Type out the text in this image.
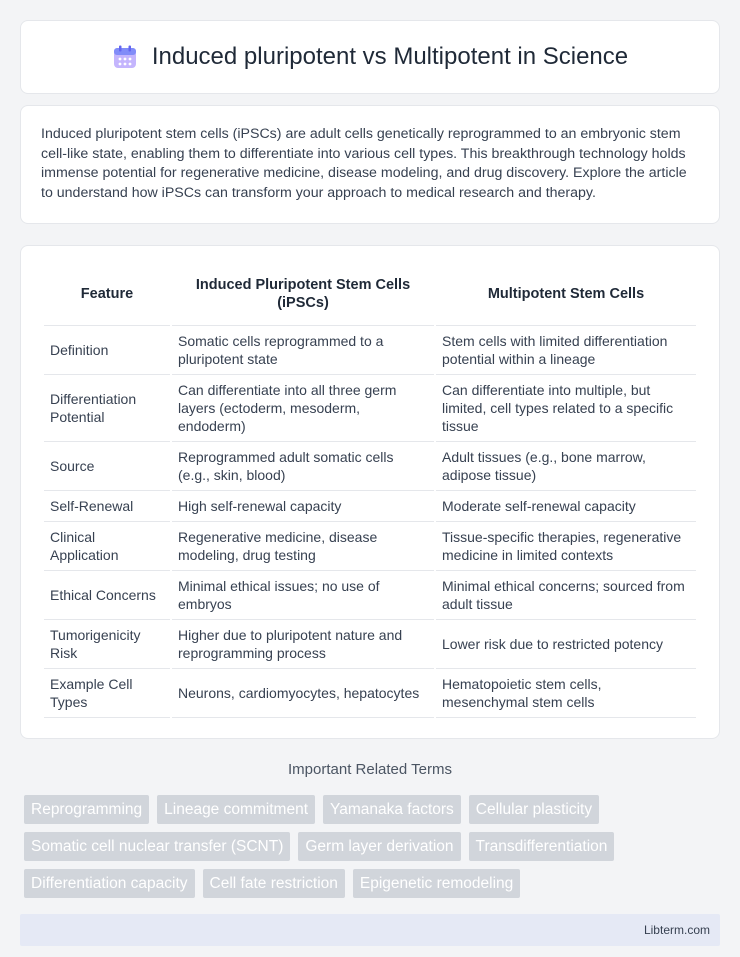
Induced pluripotent vs Multipotent in Science

Induced pluripotent stem cells (iPSCs) are adult cells genetically reprogrammed to an embryonic stem cell-like state, enabling them to differentiate into various cell types. This breakthrough technology holds immense potential for regenerative medicine, disease modeling, and drug discovery. Explore the article to understand how iPSCs can transform your approach to medical research and therapy.

Feature	Induced Pluripotent Stem Cells (iPSCs)	Multipotent Stem Cells
Definition	Somatic cells reprogrammed to a pluripotent state	Stem cells with limited differentiation potential within a lineage
Differentiation Potential	Can differentiate into all three germ layers (ectoderm, mesoderm, endoderm)	Can differentiate into multiple, but limited, cell types related to a specific tissue
Source	Reprogrammed adult somatic cells (e.g., skin, blood)	Adult tissues (e.g., bone marrow, adipose tissue)
Self-Renewal	High self-renewal capacity	Moderate self-renewal capacity
Clinical Application	Regenerative medicine, disease modeling, drug testing	Tissue-specific therapies, regenerative medicine in limited contexts
Ethical Concerns	Minimal ethical issues; no use of embryos	Minimal ethical concerns; sourced from adult tissue
Tumorigenicity Risk	Higher due to pluripotent nature and reprogramming process	Lower risk due to restricted potency
Example Cell Types	Neurons, cardiomyocytes, hepatocytes	Hematopoietic stem cells, mesenchymal stem cells
Important Related Terms
Reprogramming	Lineage commitment	Yamanaka factors	Cellular plasticity
Somatic cell nuclear transfer (SCNT)	Germ layer derivation	Transdifferentiation
Differentiation capacity	Cell fate restriction	Epigenetic remodeling
Libterm.com
